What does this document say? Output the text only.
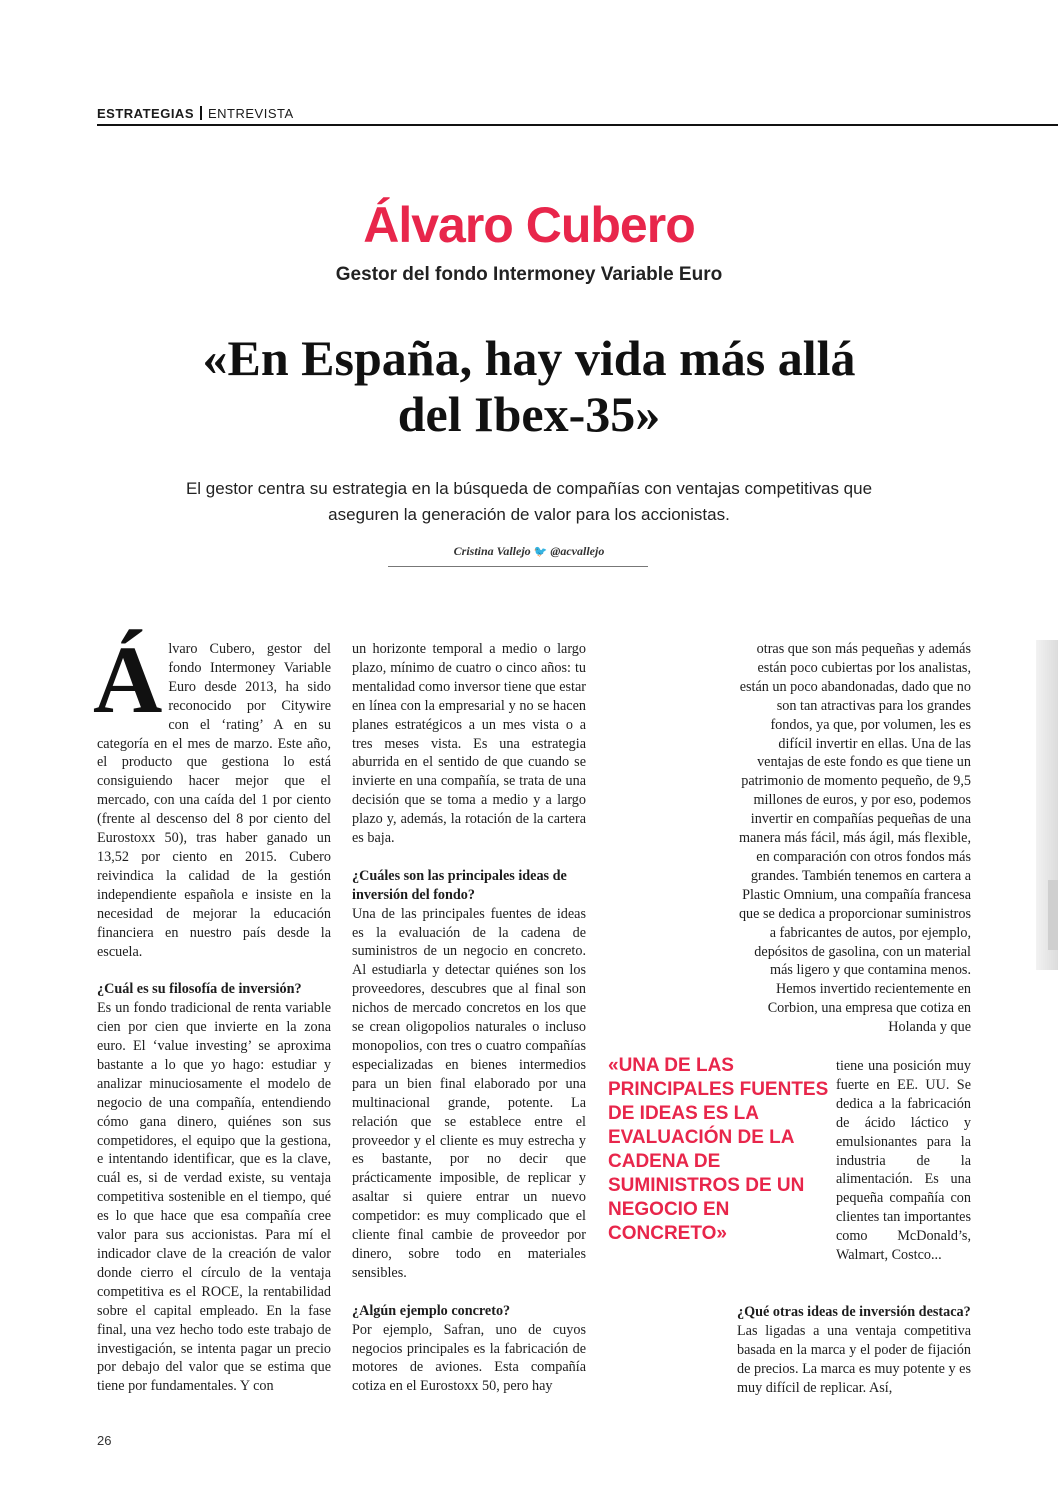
ESTRATEGIAS ENTREVISTA
Álvaro Cubero
Gestor del fondo Intermoney Variable Euro
«En España, hay vida más allá
del Ibex-35»
El gestor centra su estrategia en la búsqueda de compañías con ventajas competitivas que
aseguren la generación de valor para los accionistas.
Cristina Vallejo 🐦 @acvallejo

Álvaro Cubero, gestor del fondo Intermoney Variable Euro desde 2013, ha sido reconocido por Citywire con el ‘rating’ A en su categoría en el mes de marzo. Este año, el producto que gestiona lo está consiguiendo hacer mejor que el mercado, con una caída del 1 por ciento (frente al descenso del 8 por ciento del Eurostoxx 50), tras haber ganado un 13,52 por ciento en 2015. Cubero reivindica la calidad de la gestión independiente española e insiste en la necesidad de mejorar la educación financiera en nuestro país desde la escuela.

¿Cuál es su filosofía de inversión?

Es un fondo tradicional de renta variable cien por cien que invierte en la zona euro. El ‘value investing’ se aproxima bastante a lo que yo hago: estudiar y analizar minuciosamente el modelo de negocio de una compañía, entendiendo cómo gana dinero, quiénes son sus competidores, el equipo que la gestiona, e intentando identificar, que es la clave, cuál es, si de verdad existe, su ventaja competitiva sostenible en el tiempo, qué es lo que hace que esa compañía cree valor para sus accionistas. Para mí el indicador clave de la creación de valor donde cierro el círculo de la ventaja competitiva es el ROCE, la rentabilidad sobre el capital empleado. En la fase final, una vez hecho todo este trabajo de investigación, se intenta pagar un precio por debajo del valor que se estima que tiene por fundamentales. Y con

un horizonte temporal a medio o largo plazo, mínimo de cuatro o cinco años: tu mentalidad como inversor tiene que estar en línea con la empresarial y no se hacen planes estratégicos a un mes vista o a tres meses vista. Es una estrategia aburrida en el sentido de que cuando se invierte en una compañía, se trata de una decisión que se toma a medio y a largo plazo y, además, la rotación de la cartera es baja.

¿Cuáles son las principales ideas de inversión del fondo?

Una de las principales fuentes de ideas es la evaluación de la cadena de suministros de un negocio en concreto. Al estudiarla y detectar quiénes son los proveedores, descubres que al final son nichos de mercado concretos en los que se crean oligopolios naturales o incluso monopolios, con tres o cuatro compañías especializadas en bienes intermedios para un bien final elaborado por una multinacional grande, potente. La relación que se establece entre el proveedor y el cliente es muy estrecha y es bastante, por no decir que prácticamente imposible, de replicar y asaltar si quiere entrar un nuevo competidor: es muy complicado que el cliente final cambie de proveedor por dinero, sobre todo en materiales sensibles.

¿Algún ejemplo concreto?

Por ejemplo, Safran, uno de cuyos negocios principales es la fabricación de motores de aviones. Esta compañía cotiza en el Eurostoxx 50, pero hay

otras que son más pequeñas y además están poco cubiertas por los analistas, están un poco abandonadas, dado que no son tan atractivas para los grandes fondos, ya que, por volumen, les es difícil invertir en ellas. Una de las ventajas de este fondo es que tiene un patrimonio de momento pequeño, de 9,5 millones de euros, y por eso, podemos invertir en compañías pequeñas de una manera más fácil, más ágil, más flexible, en comparación con otros fondos más grandes. También tenemos en cartera a Plastic Omnium, una compañía francesa que se dedica a proporcionar suministros a fabricantes de autos, por ejemplo, depósitos de gasolina, con un material más ligero y que contamina menos. Hemos invertido recientemente en Corbion, una empresa que cotiza en Holanda y que

«UNA DE LAS PRINCIPALES FUENTES DE IDEAS ES LA EVALUACIÓN DE LA CADENA DE SUMINISTROS DE UN NEGOCIO EN CONCRETO»

tiene una posición muy fuerte en EE. UU. Se dedica a la fabricación de ácido láctico y emulsionantes para la industria de la alimentación. Es una pequeña compañía con clientes tan importantes como McDonald’s, Walmart, Costco...

¿Qué otras ideas de inversión destaca?

Las ligadas a una ventaja competitiva basada en la marca y el poder de fijación de precios. La marca es muy potente y es muy difícil de replicar. Así,

26
